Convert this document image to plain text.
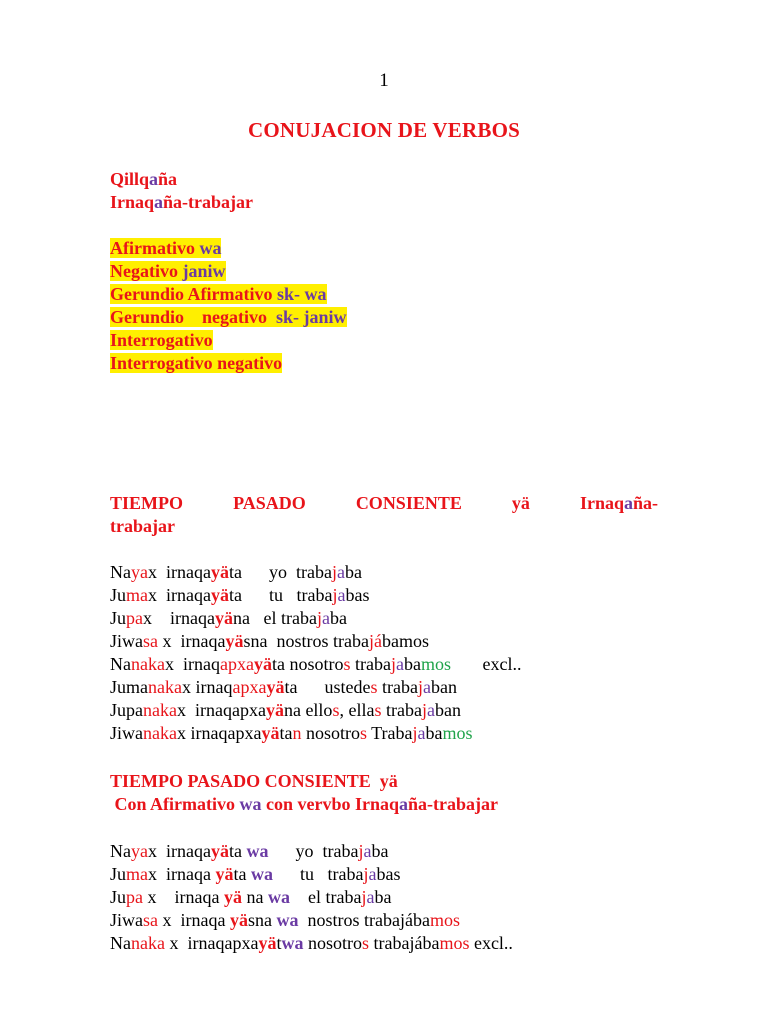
1
CONUJACION DE VERBOS
Qillqaña
Irnaqaña-trabajar
Afirmativo wa
Negativo janiw
Gerundio Afirmativo sk- wa
Gerundio    negativo  sk- janiw
Interrogativo
Interrogativo negativo
TIEMPO	PASADO	CONSIENTE	yä	Irnaqaña-
trabajar
Nayax  irnaqayäta      yo  trabajaba
Jumax  irnaqayäta      tu   trabajabas
Jupax    irnaqayäna   el trabajaba
Jiwasa x  irnaqayäsna  nostros trabajábamos
Nanakax  irnaqapxayäta nosotros trabajabamos       excl..
Jumanakax irnaqapxayäta      ustedes trabajaban
Jupanakax  irnaqapxayäna ellos, ellas trabajaban
Jiwanakax irnaqapxayätan nosotros Trabajabamos
TIEMPO PASADO CONSIENTE  yä
Con Afirmativo wa con vervbo Irnaqaña-trabajar
Nayax  irnaqayäta wa      yo  trabajaba
Jumax  irnaqa yäta wa      tu   trabajabas
Jupa x    irnaqa yä na wa    el trabajaba
Jiwasa x  irnaqa yäsna wa  nostros trabajábamos
Nanaka x  irnaqapxayätwa nosotros trabajábamos excl..
